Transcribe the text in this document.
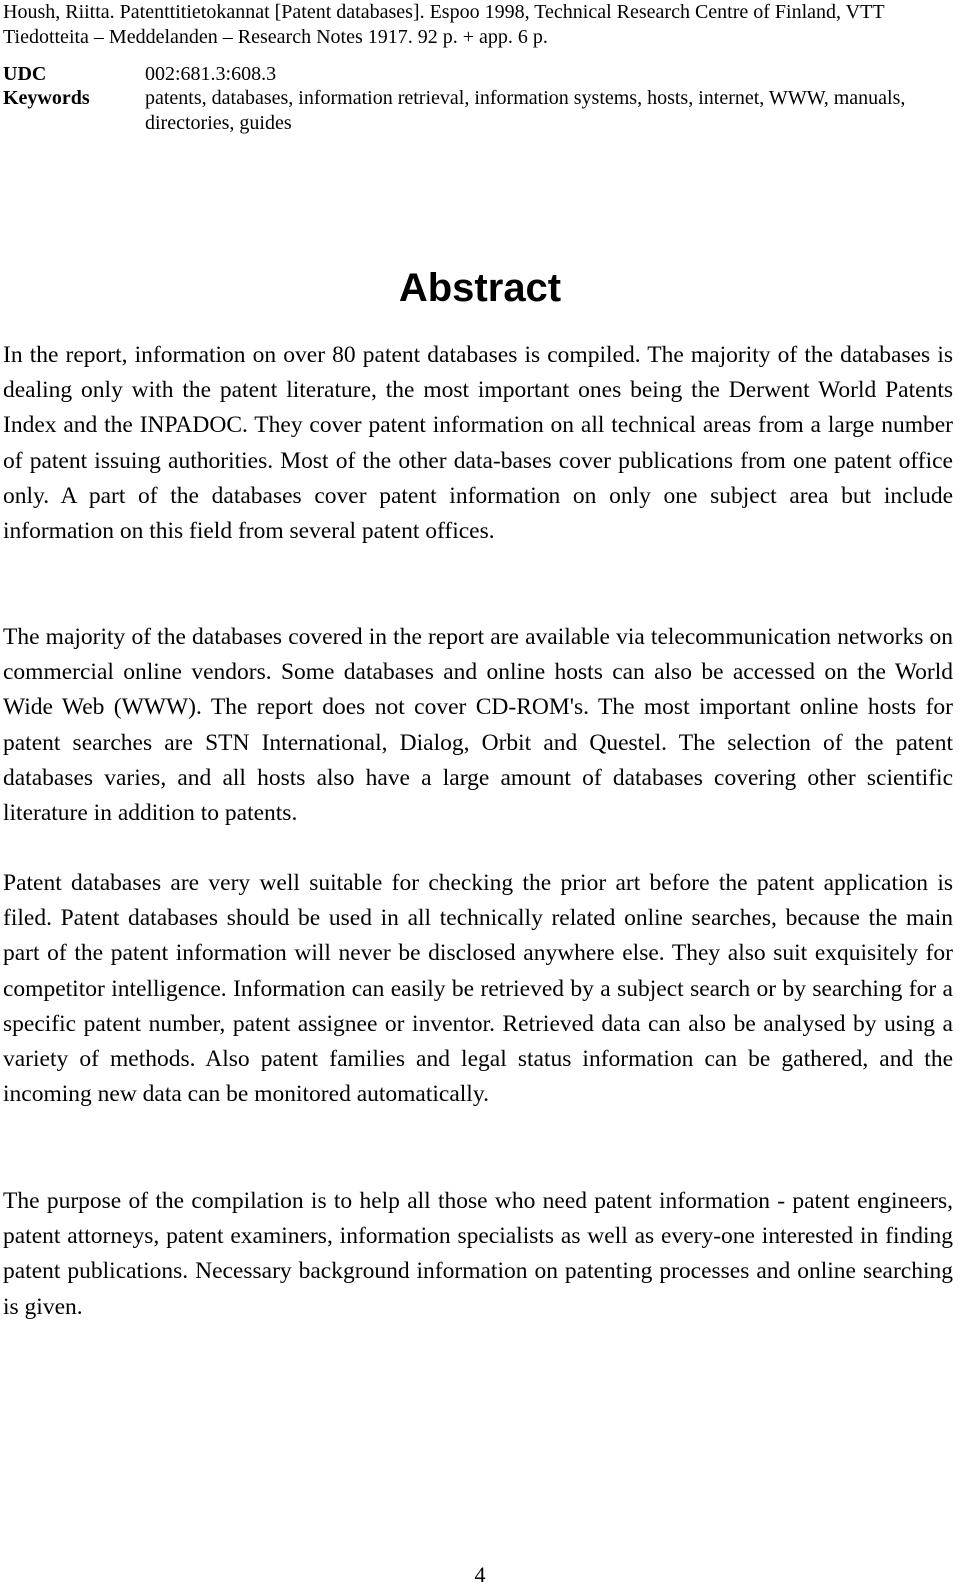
Housh, Riitta. Patenttitietokannat [Patent databases]. Espoo 1998, Technical Research Centre of Finland, VTT Tiedotteita – Meddelanden – Research Notes 1917. 92 p. + app. 6 p.

UDC	002:681.3:608.3
Keywords	patents, databases, information retrieval, information systems, hosts, internet, WWW, manuals, directories, guides
Abstract

In the report, information on over 80 patent databases is compiled. The majority of the databases is dealing only with the patent literature, the most important ones being the Derwent World Patents Index and the INPADOC. They cover patent information on all technical areas from a large number of patent issuing authorities. Most of the other data-bases cover publications from one patent office only. A part of the databases cover patent information on only one subject area but include information on this field from several patent offices.

The majority of the databases covered in the report are available via telecommunication networks on commercial online vendors. Some databases and online hosts can also be accessed on the World Wide Web (WWW). The report does not cover CD-ROM's. The most important online hosts for patent searches are STN International, Dialog, Orbit and Questel. The selection of the patent databases varies, and all hosts also have a large amount of databases covering other scientific literature in addition to patents.

Patent databases are very well suitable for checking the prior art before the patent application is filed. Patent databases should be used in all technically related online searches, because the main part of the patent information will never be disclosed anywhere else. They also suit exquisitely for competitor intelligence. Information can easily be retrieved by a subject search or by searching for a specific patent number, patent assignee or inventor. Retrieved data can also be analysed by using a variety of methods. Also patent families and legal status information can be gathered, and the incoming new data can be monitored automatically.

The purpose of the compilation is to help all those who need patent information - patent engineers, patent attorneys, patent examiners, information specialists as well as every-one interested in finding patent publications. Necessary background information on patenting processes and online searching is given.

4
